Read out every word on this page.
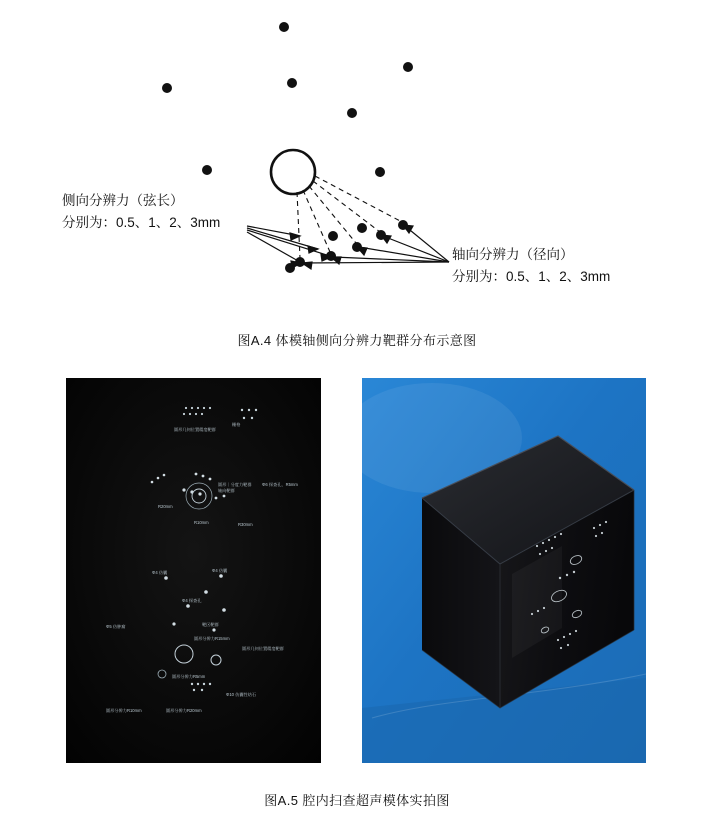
侧向分辨力（弦长）
分别为：0.5、1、2、3mm
轴向分辨力（径向）
分别为：0.5、1、2、3mm
图A.4 体模轴侧向分辨力靶群分布示意图
圆形几何位置精度靶群
栅格
圆形｜分度力靶群
轴向靶群
Φ6 探查孔、R5mm
R20mm
R10mm	R30mm
Φ4 仿囊	Φ4 仿囊
Φ4 探查孔
靶区靶群
Φ5 仿肿瘤
圆形分辨力R15mm
圆形几何位置精度靶群
圆形分辨力R5mm
Φ10 仿囊性结石
圆形分辨力R10mm	圆形分辨力R20mm
图A.5 腔内扫查超声模体实拍图
